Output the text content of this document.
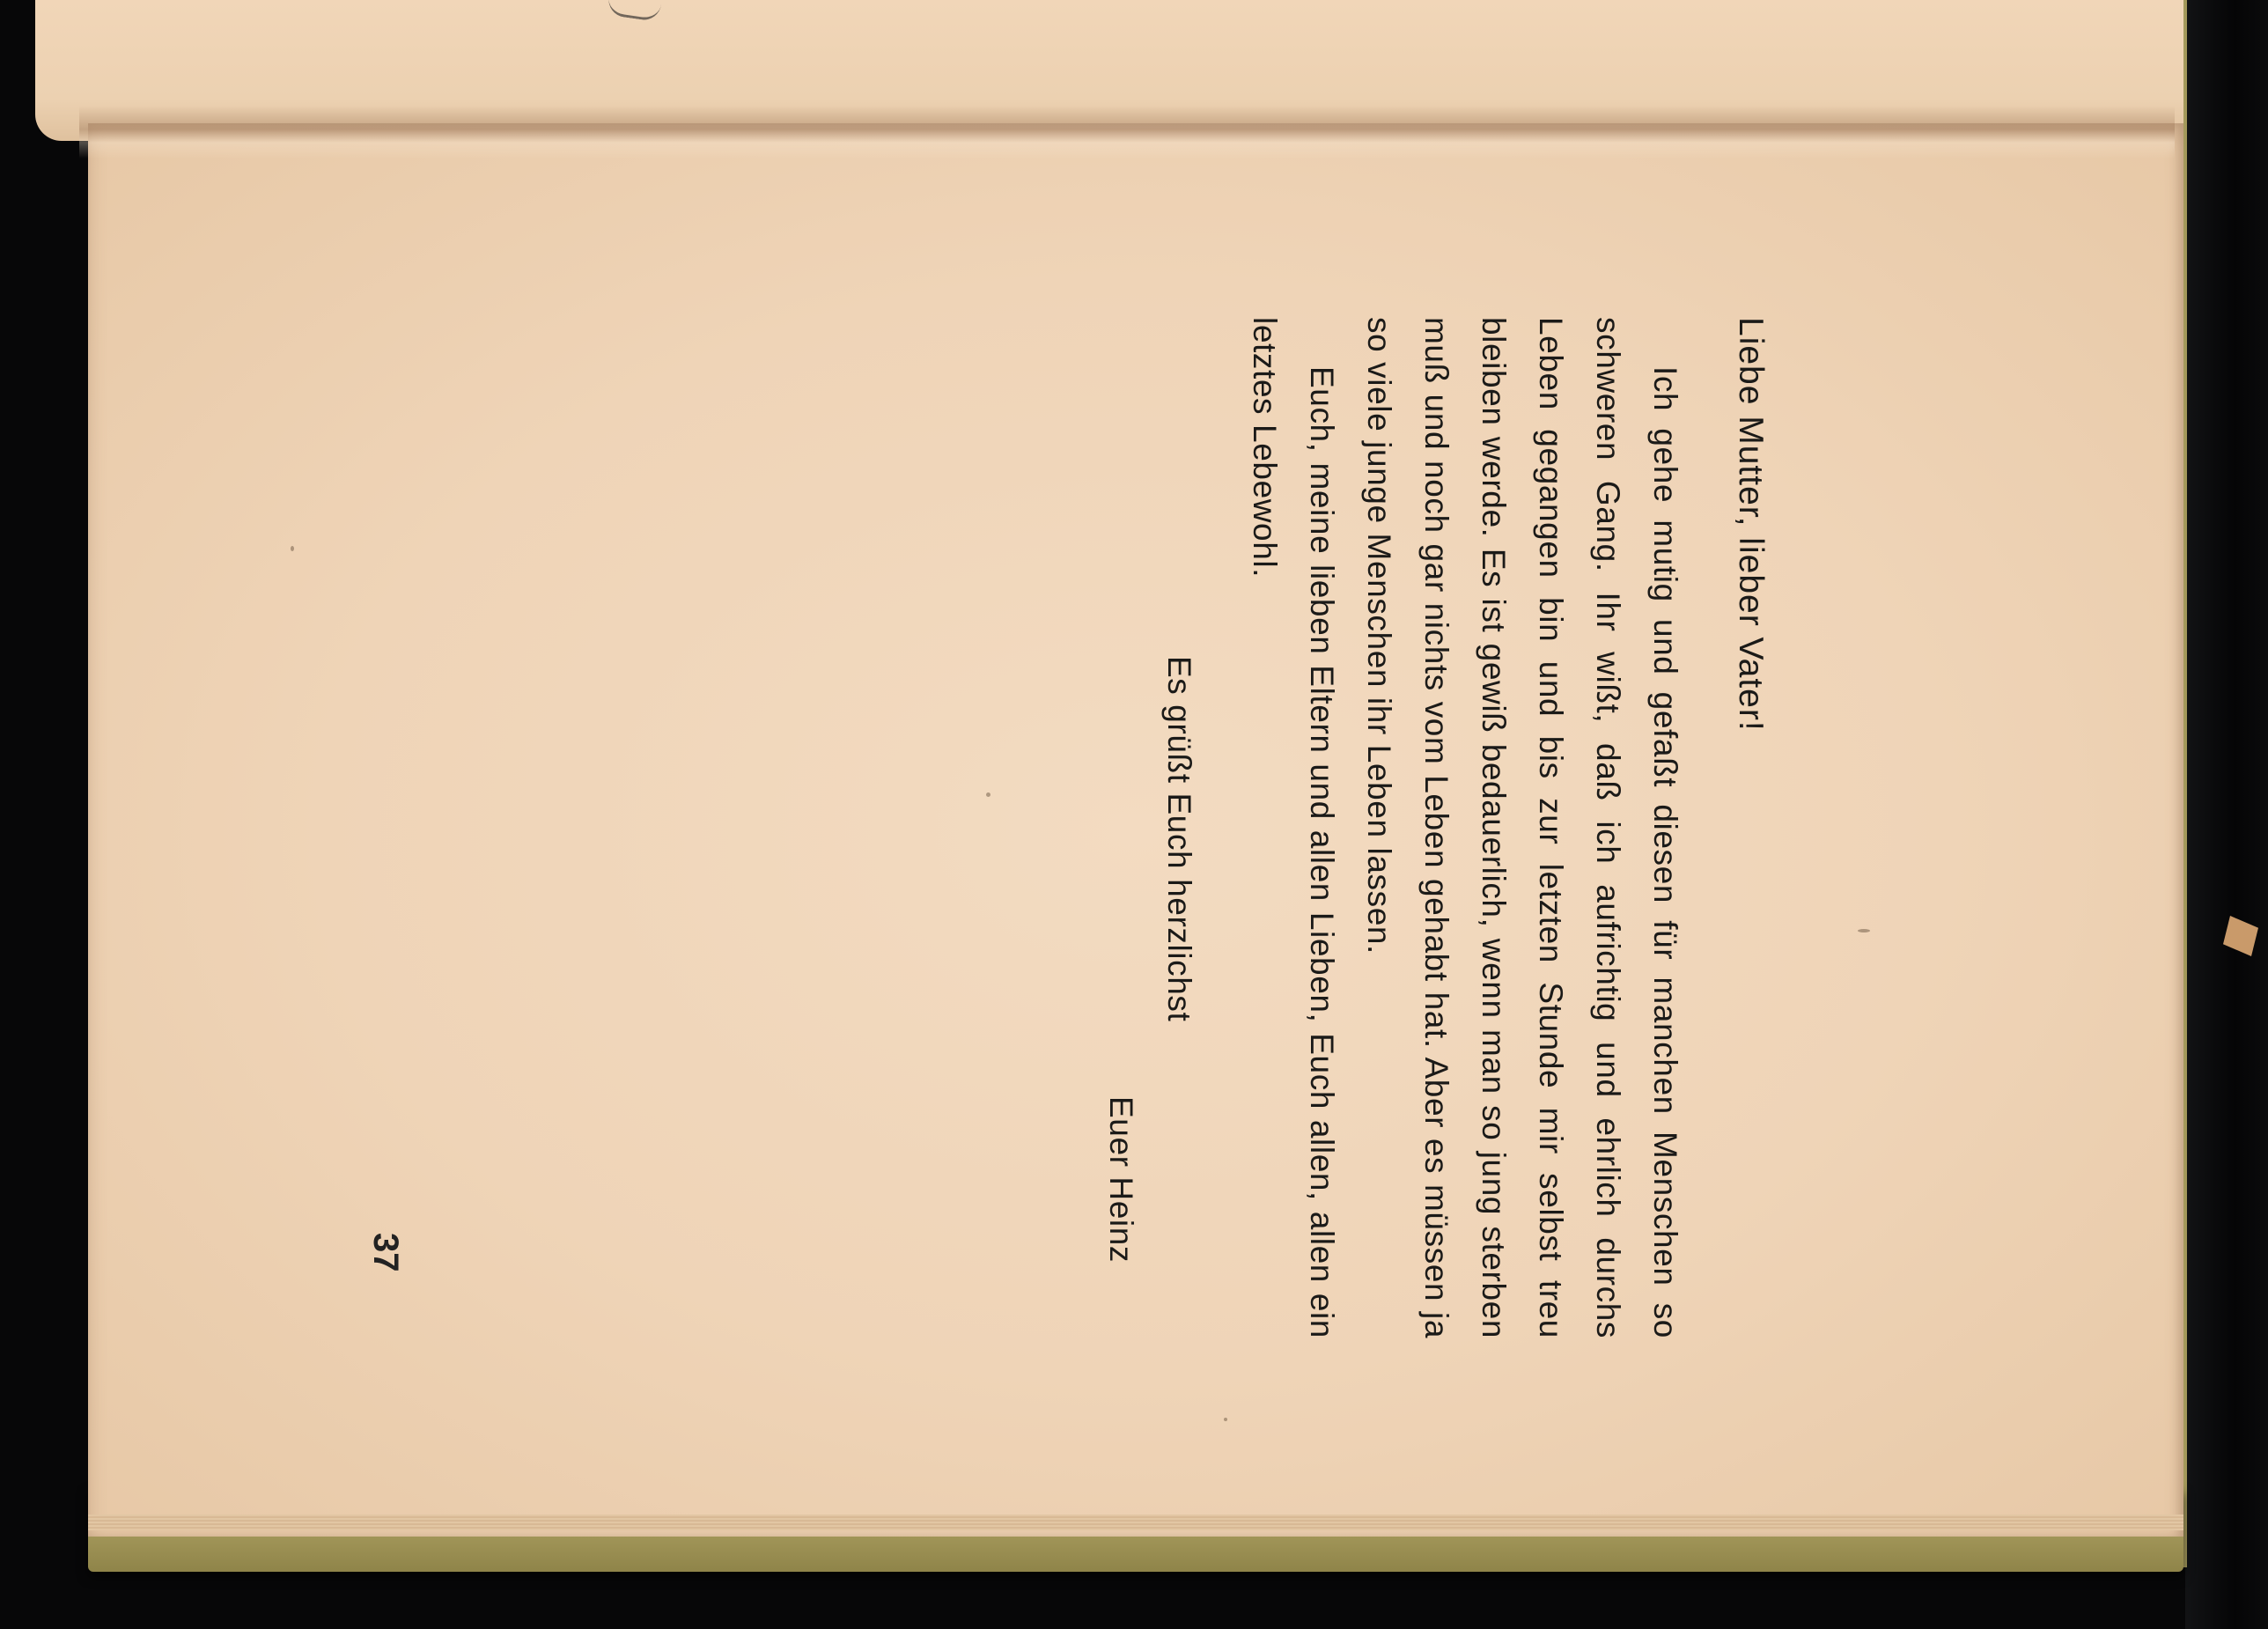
Liebe Mutter, lieber Vater!

Ich gehe mutig und gefaßt diesen für manchen Menschen so schweren Gang. Ihr wißt, daß ich aufrichtig und ehrlich durchs Leben gegangen bin und bis zur letzten Stunde mir selbst treu bleiben werde. Es ist gewiß bedauerlich, wenn man so jung sterben muß und noch gar nichts vom Leben gehabt hat. Aber es müssen ja so viele junge Menschen ihr Leben lassen.

Euch, meine lieben Eltern und allen Lieben, Euch allen, allen ein letztes Lebewohl.

Es grüßt Euch herzlichst
Euer Heinz
37
